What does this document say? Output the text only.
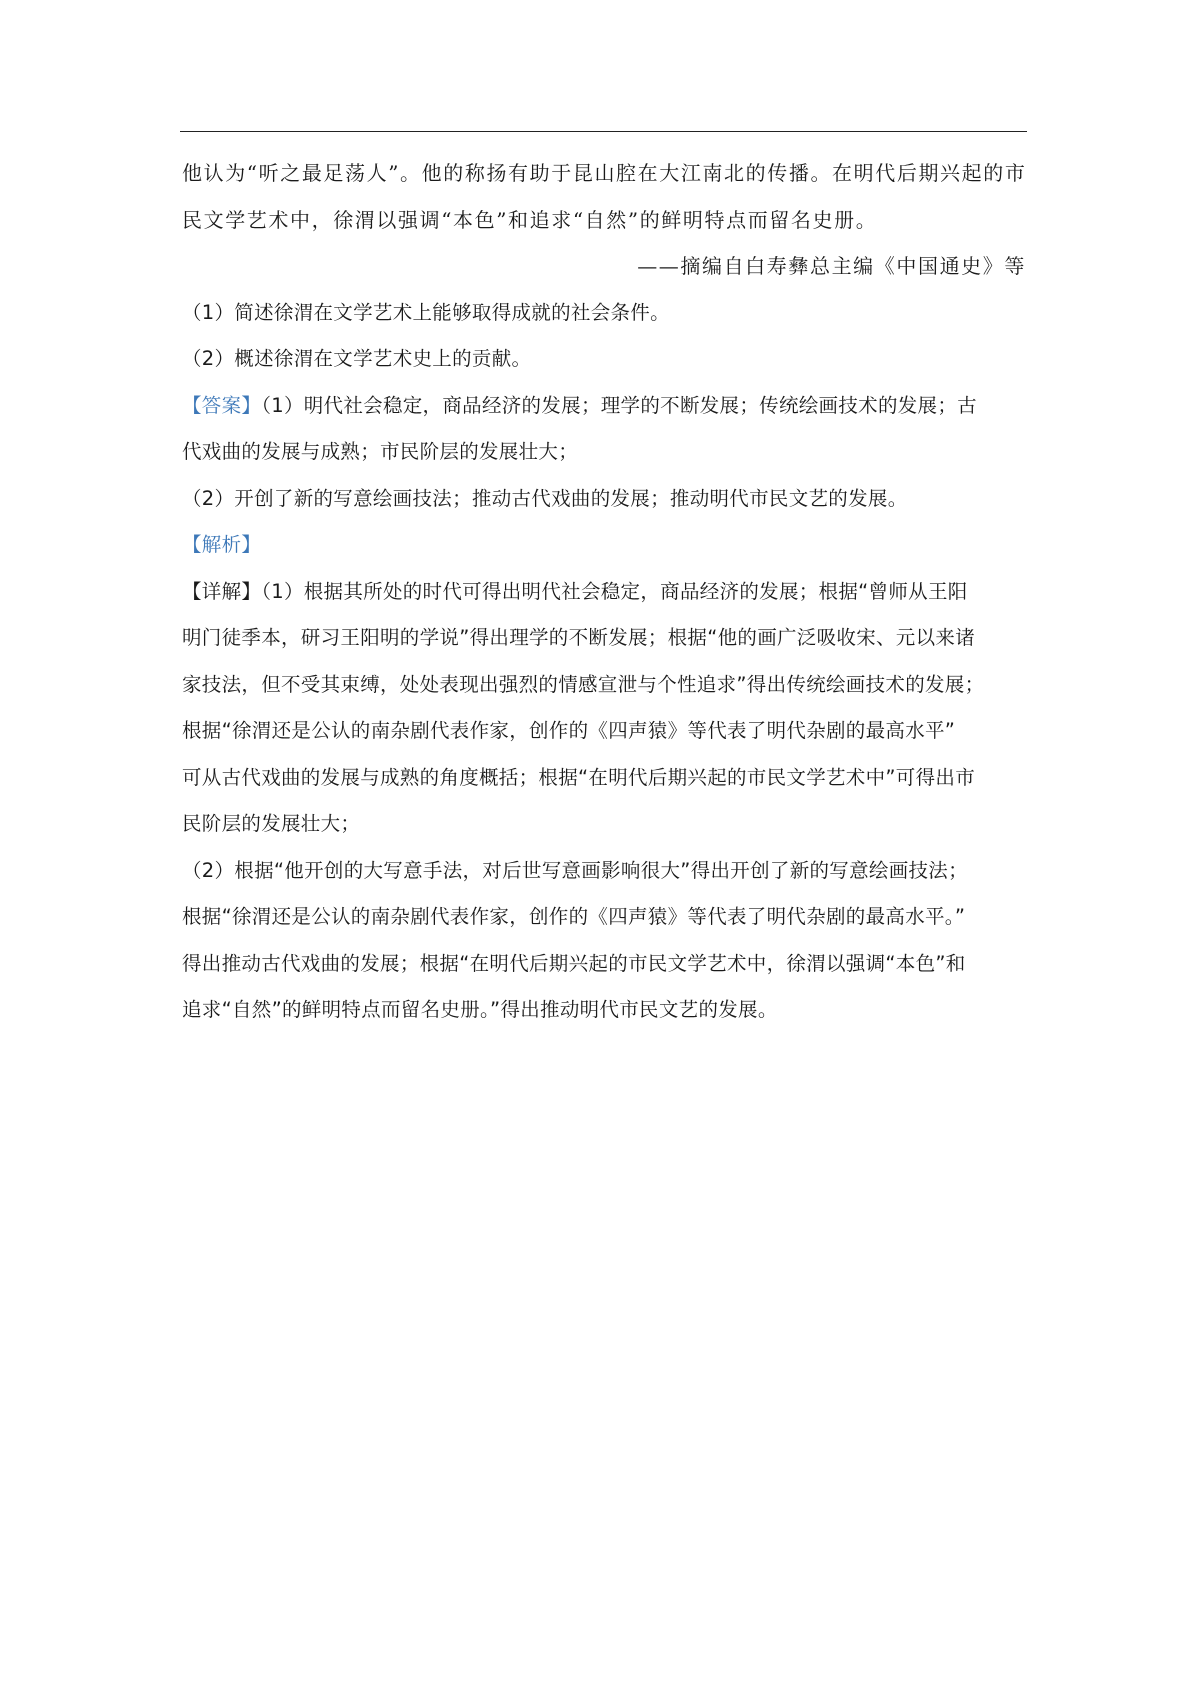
他认为“听之最足荡人”。他的称扬有助于昆山腔在大江南北的传播。在明代后期兴起的市
民文学艺术中，徐渭以强调“本色”和追求“自然”的鲜明特点而留名史册。
——摘编自白寿彝总主编《中国通史》等
（1）简述徐渭在文学艺术上能够取得成就的社会条件。
（2）概述徐渭在文学艺术史上的贡献。
【答案】（1）明代社会稳定，商品经济的发展；理学的不断发展；传统绘画技术的发展；古
代戏曲的发展与成熟；市民阶层的发展壮大；
（2）开创了新的写意绘画技法；推动古代戏曲的发展；推动明代市民文艺的发展。
【解析】
【详解】（1）根据其所处的时代可得出明代社会稳定，商品经济的发展；根据“曾师从王阳
明门徒季本，研习王阳明的学说”得出理学的不断发展；根据“他的画广泛吸收宋、元以来诸
家技法，但不受其束缚，处处表现出强烈的情感宣泄与个性追求”得出传统绘画技术的发展；
根据“徐渭还是公认的南杂剧代表作家，创作的《四声猿》等代表了明代杂剧的最高水平”
可从古代戏曲的发展与成熟的角度概括；根据“在明代后期兴起的市民文学艺术中”可得出市
民阶层的发展壮大；
（2）根据“他开创的大写意手法，对后世写意画影响很大”得出开创了新的写意绘画技法；
根据“徐渭还是公认的南杂剧代表作家，创作的《四声猿》等代表了明代杂剧的最高水平。”
得出推动古代戏曲的发展；根据“在明代后期兴起的市民文学艺术中，徐渭以强调“本色”和
追求“自然”的鲜明特点而留名史册。”得出推动明代市民文艺的发展。
